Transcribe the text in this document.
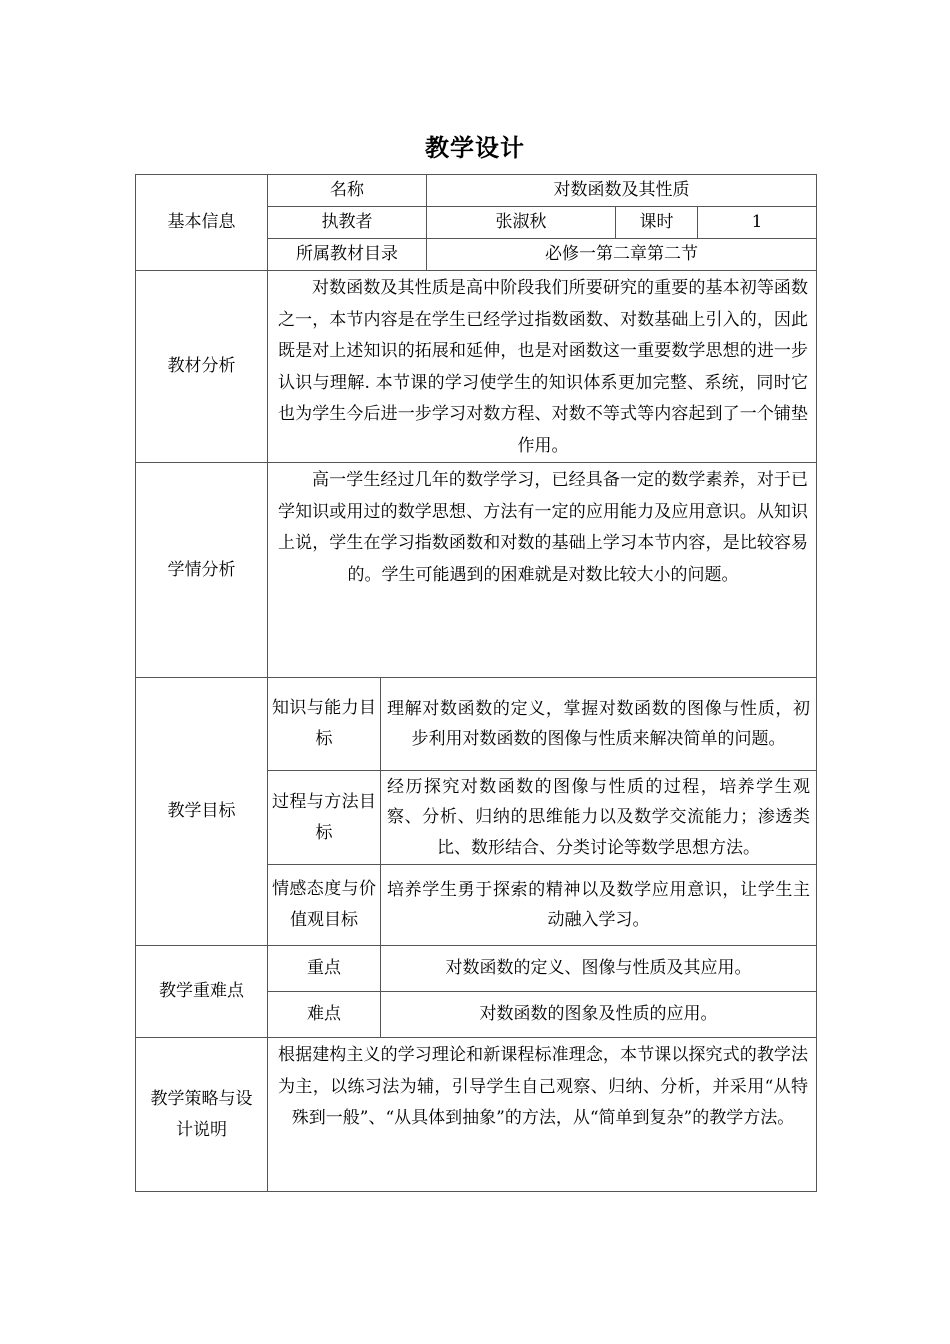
教学设计
基本信息	名称		对数函数及其性质		
	执教者		张淑秋	课时	1
	所属教材目录		必修一第二章第二节		
教材分析	对数函数及其性质是高中阶段我们所要研究的重要的基本初等函数之一，本节内容是在学生已经学过指数函数、对数基础上引入的，因此既是对上述知识的拓展和延伸，也是对函数这一重要数学思想的进一步认识与理解. 本节课的学习使学生的知识体系更加完整、系统，同时它也为学生今后进一步学习对数方程、对数不等式等内容起到了一个铺垫作用。				

学情分析	高一学生经过几年的数学学习，已经具备一定的数学素养，对于已学知识或用过的数学思想、方法有一定的应用能力及应用意识。从知识上说，学生在学习指数函数和对数的基础上学习本节内容，是比较容易的。学生可能遇到的困难就是对数比较大小的问题。				

教学目标	知识与能力目标	理解对数函数的定义，掌握对数函数的图像与性质，初步利用对数函数的图像与性质来解决简单的问题。			

	过程与方法目标	经历探究对数函数的图像与性质的过程，培养学生观察、分析、归纳的思维能力以及数学交流能力；渗透类比、数形结合、分类讨论等数学思想方法。			

	情感态度与价值观目标	培养学生勇于探索的精神以及数学应用意识，让学生主动融入学习。			

教学重难点	重点	对数函数的定义、图像与性质及其应用。			
	难点	对数函数的图象及性质的应用。			

教学策略与设计说明	根据建构主义的学习理论和新课程标准理念，本节课以探究式的教学法为主，以练习法为辅，引导学生自己观察、归纳、分析，并采用“从特殊到一般”、“从具体到抽象”的方法，从“简单到复杂”的教学方法。				
